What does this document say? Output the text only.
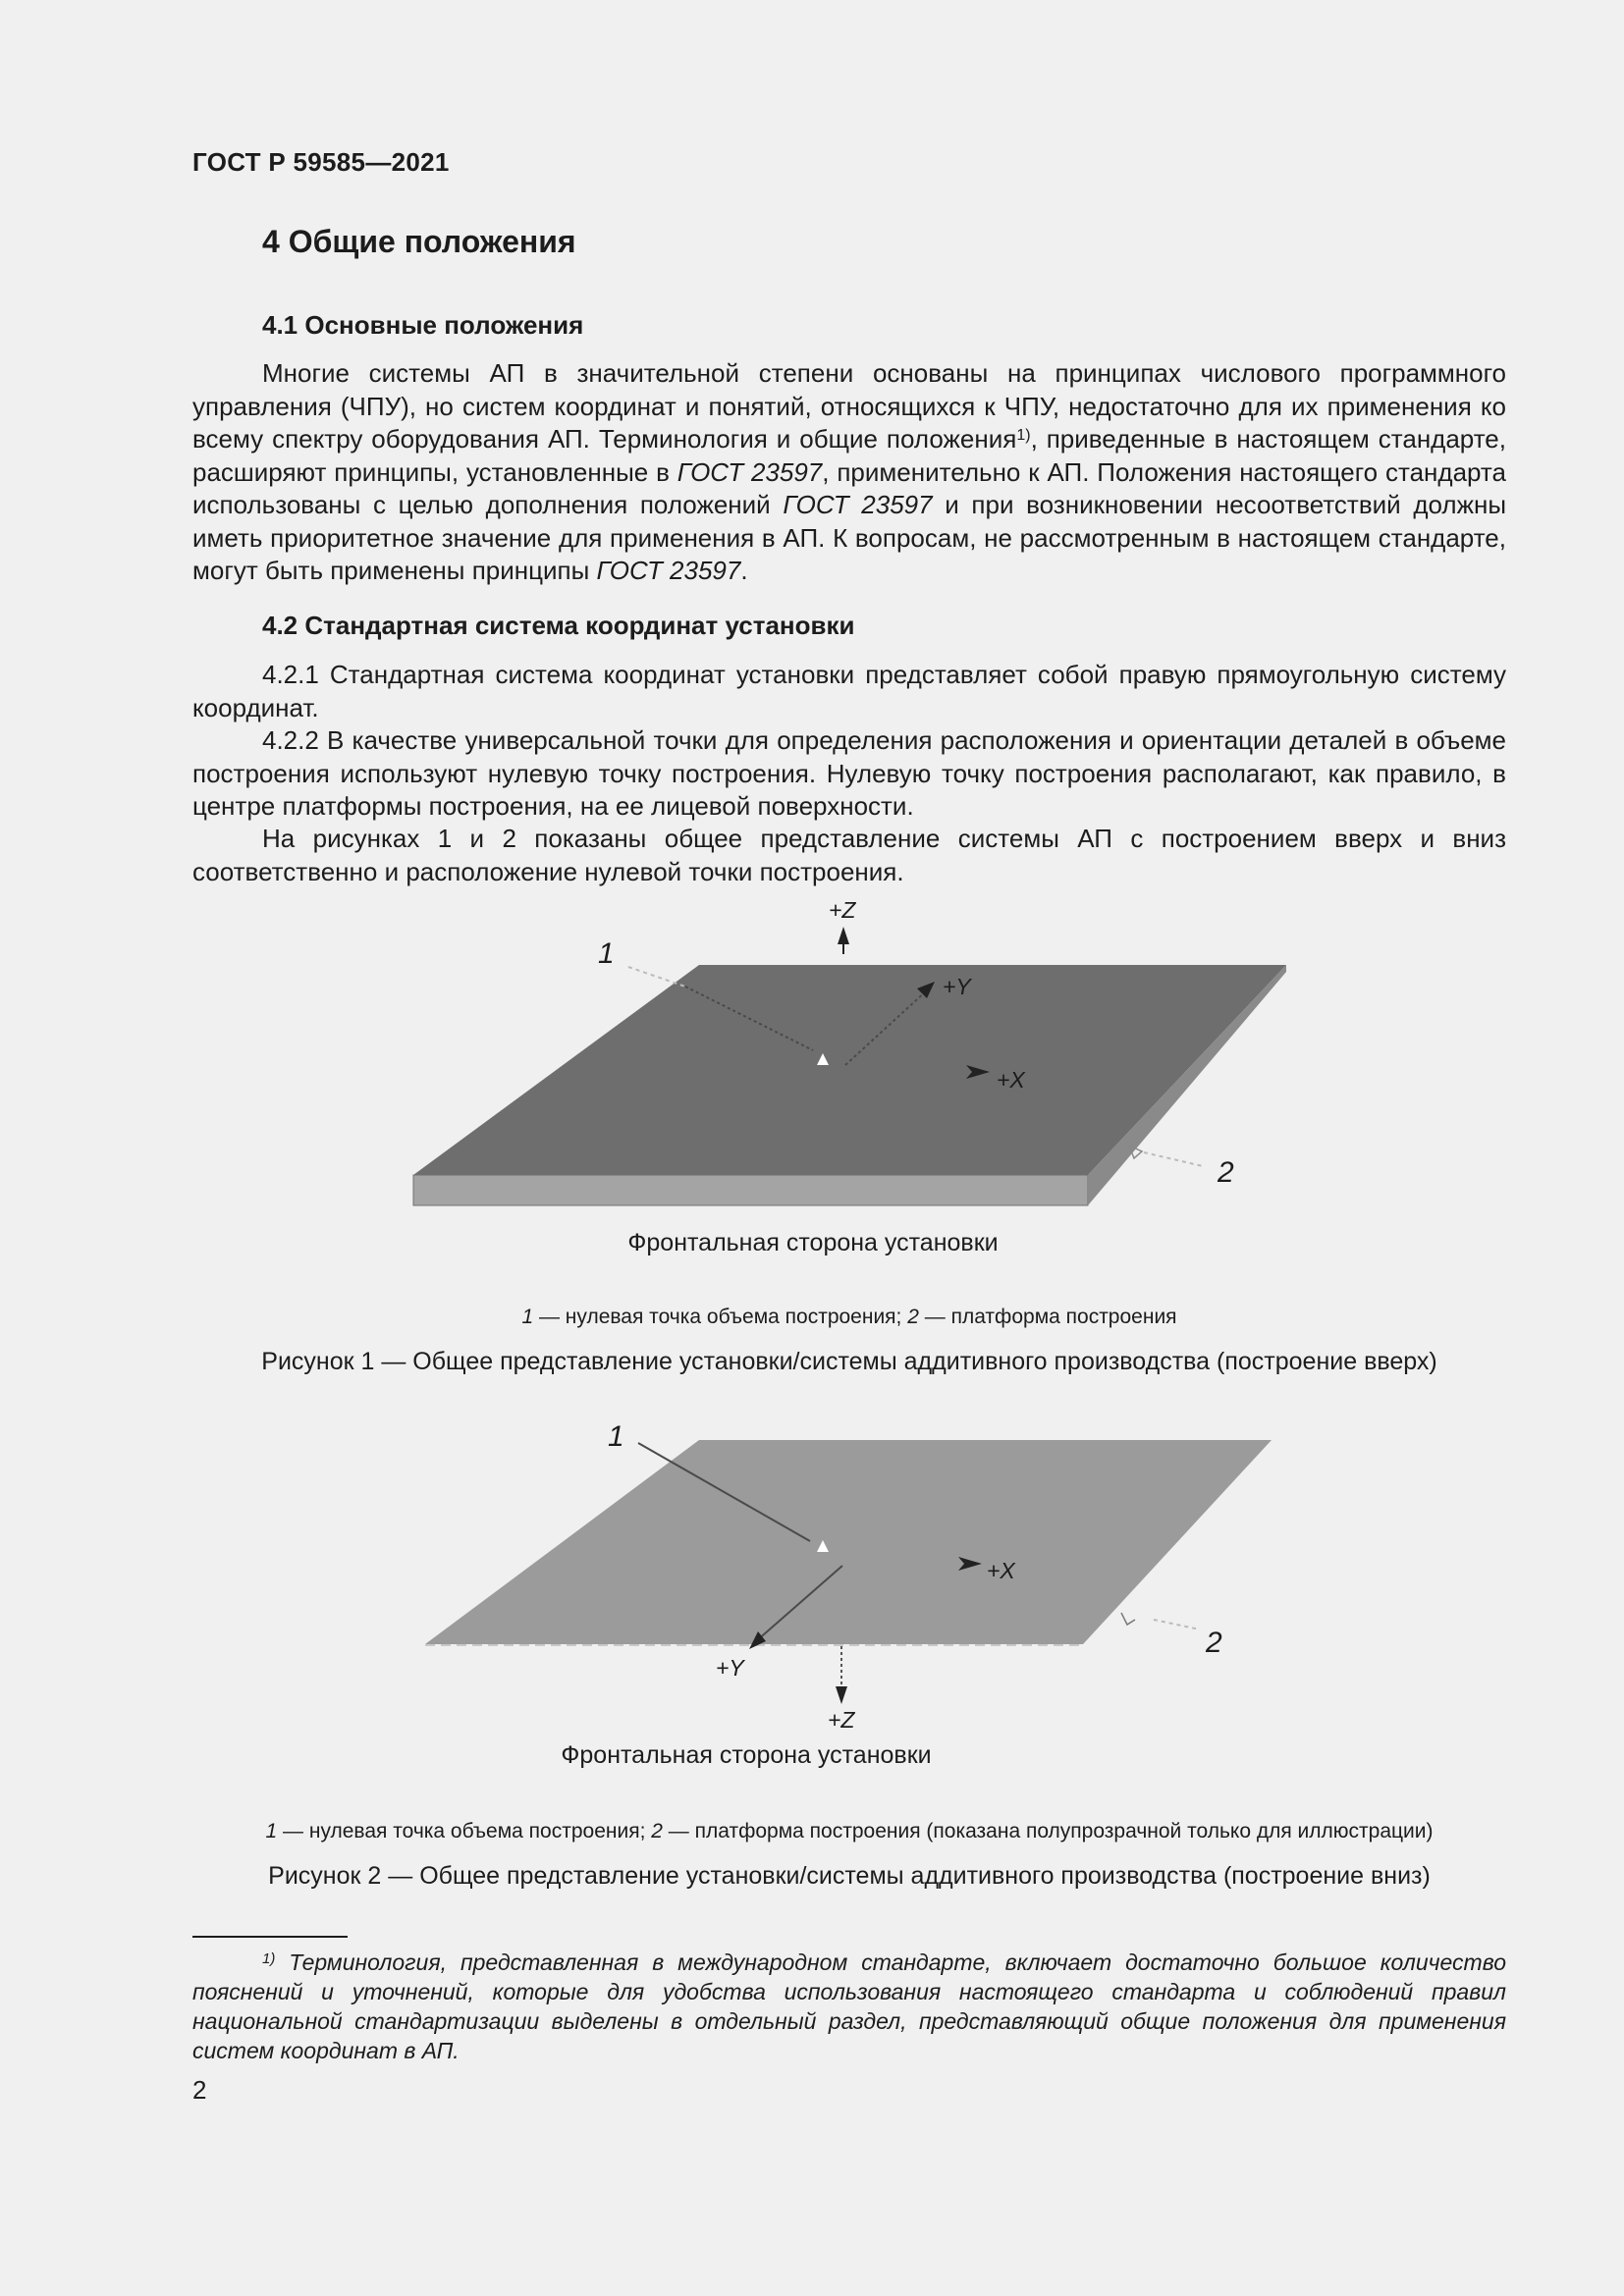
ГОСТ Р 59585—2021
4 Общие положения
4.1 Основные положения
Многие системы АП в значительной степени основаны на принципах числового программного управления (ЧПУ), но систем координат и понятий, относящихся к ЧПУ, недостаточно для их применения ко всему спектру оборудования АП. Терминология и общие положения$^{1)}$, приведенные в настоящем стандарте, расширяют принципы, установленные в ГОСТ 23597, применительно к АП. Положения настоящего стандарта использованы с целью дополнения положений ГОСТ 23597 и при возникновении несоответствий должны иметь приоритетное значение для применения в АП. К вопросам, не рассмотренным в настоящем стандарте, могут быть применены принципы ГОСТ 23597.
4.2 Стандартная система координат установки
4.2.1 Стандартная система координат установки представляет собой правую прямоугольную систему координат.
4.2.2 В качестве универсальной точки для определения расположения и ориентации деталей в объеме построения используют нулевую точку построения. Нулевую точку построения располагают, как правило, в центре платформы построения, на ее лицевой поверхности.
На рисунках 1 и 2 показаны общее представление системы АП с построением вверх и вниз соответственно и расположение нулевой точки построения.
1
2
+Z
+Y
+X
Фронтальная сторона установки
1 — нулевая точка объема построения; 2 — платформа построения
Рисунок 1 — Общее представление установки/системы аддитивного производства (построение вверх)
1
2
+X
+Y
+Z
Фронтальная сторона установки
1 — нулевая точка объема построения; 2 — платформа построения (показана полупрозрачной только для иллюстрации)
Рисунок 2 — Общее представление установки/системы аддитивного производства (построение вниз)
$^{1)}$ Терминология, представленная в международном стандарте, включает достаточно большое количество пояснений и уточнений, которые для удобства использования настоящего стандарта и соблюдений правил национальной стандартизации выделены в отдельный раздел, представляющий общие положения для применения систем координат в АП.
2
